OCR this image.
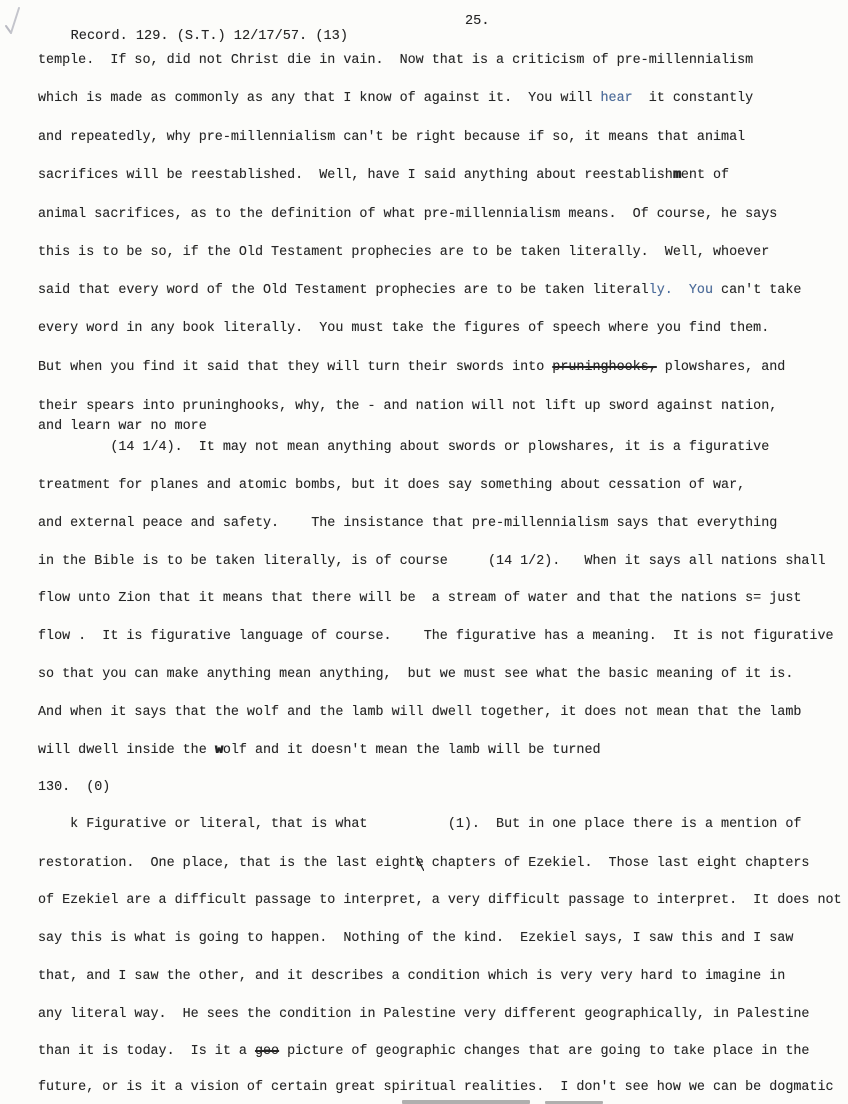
Record. 129. (S.T.) 12/17/57. (13)

25.

temple.  If so, did not Christ die in vain.  Now that is a criticism of pre-millennialism
which is made as commonly as any that I know of against it.  You will hear  it constantly
and repeatedly, why pre-millennialism can't be right because if so, it means that animal
sacrifices will be reestablished.  Well, have I said anything about reestablishment of
animal sacrifices, as to the definition of what pre-millennialism means.  Of course, he says
this is to be so, if the Old Testament prophecies are to be taken literally.  Well, whoever
said that every word of the Old Testament prophecies are to be taken literally.  You can't take
every word in any book literally.  You must take the figures of speech where you find them.
But when you find it said that they will turn their swords into pruninghooks, plowshares, and
their spears into pruninghooks, why, the - and nation will not lift up sword against nation,
and learn war no more
(14 1/4).  It may not mean anything about swords or plowshares, it is a figurative
treatment for planes and atomic bombs, but it does say something about cessation of war,
and external peace and safety.    The insistance that pre-millennialism says that everything
in the Bible is to be taken literally, is of course     (14 1/2).   When it says all nations shall
flow unto Zion that it means that there will be  a stream of water and that the nations s= just
flow .  It is figurative language of course.    The figurative has a meaning.  It is not figurative
so that you can make anything mean anything,  but we must see what the basic meaning of it is.
And when it says that the wolf and the lamb will dwell together, it does not mean that the lamb
will dwell inside the wolf and it doesn't mean the lamb will be turned
130.  (0)
k Figurative or literal, that is what          (1).  But in one place there is a mention of
restoration.  One place, that is the last eighte chapters of Ezekiel.  Those last eight chapters
of Ezekiel are a difficult passage to interpret, a very difficult passage to interpret.  It does not
say this is what is going to happen.  Nothing of the kind.  Ezekiel says, I saw this and I saw
that, and I saw the other, and it describes a condition which is very very hard to imagine in
any literal way.  He sees the condition in Palestine very different geographically, in Palestine
than it is today.  Is it a geo picture of geographic changes that are going to take place in the
future, or is it a vision of certain great spiritual realities.  I don't see how we can be dogmatic
